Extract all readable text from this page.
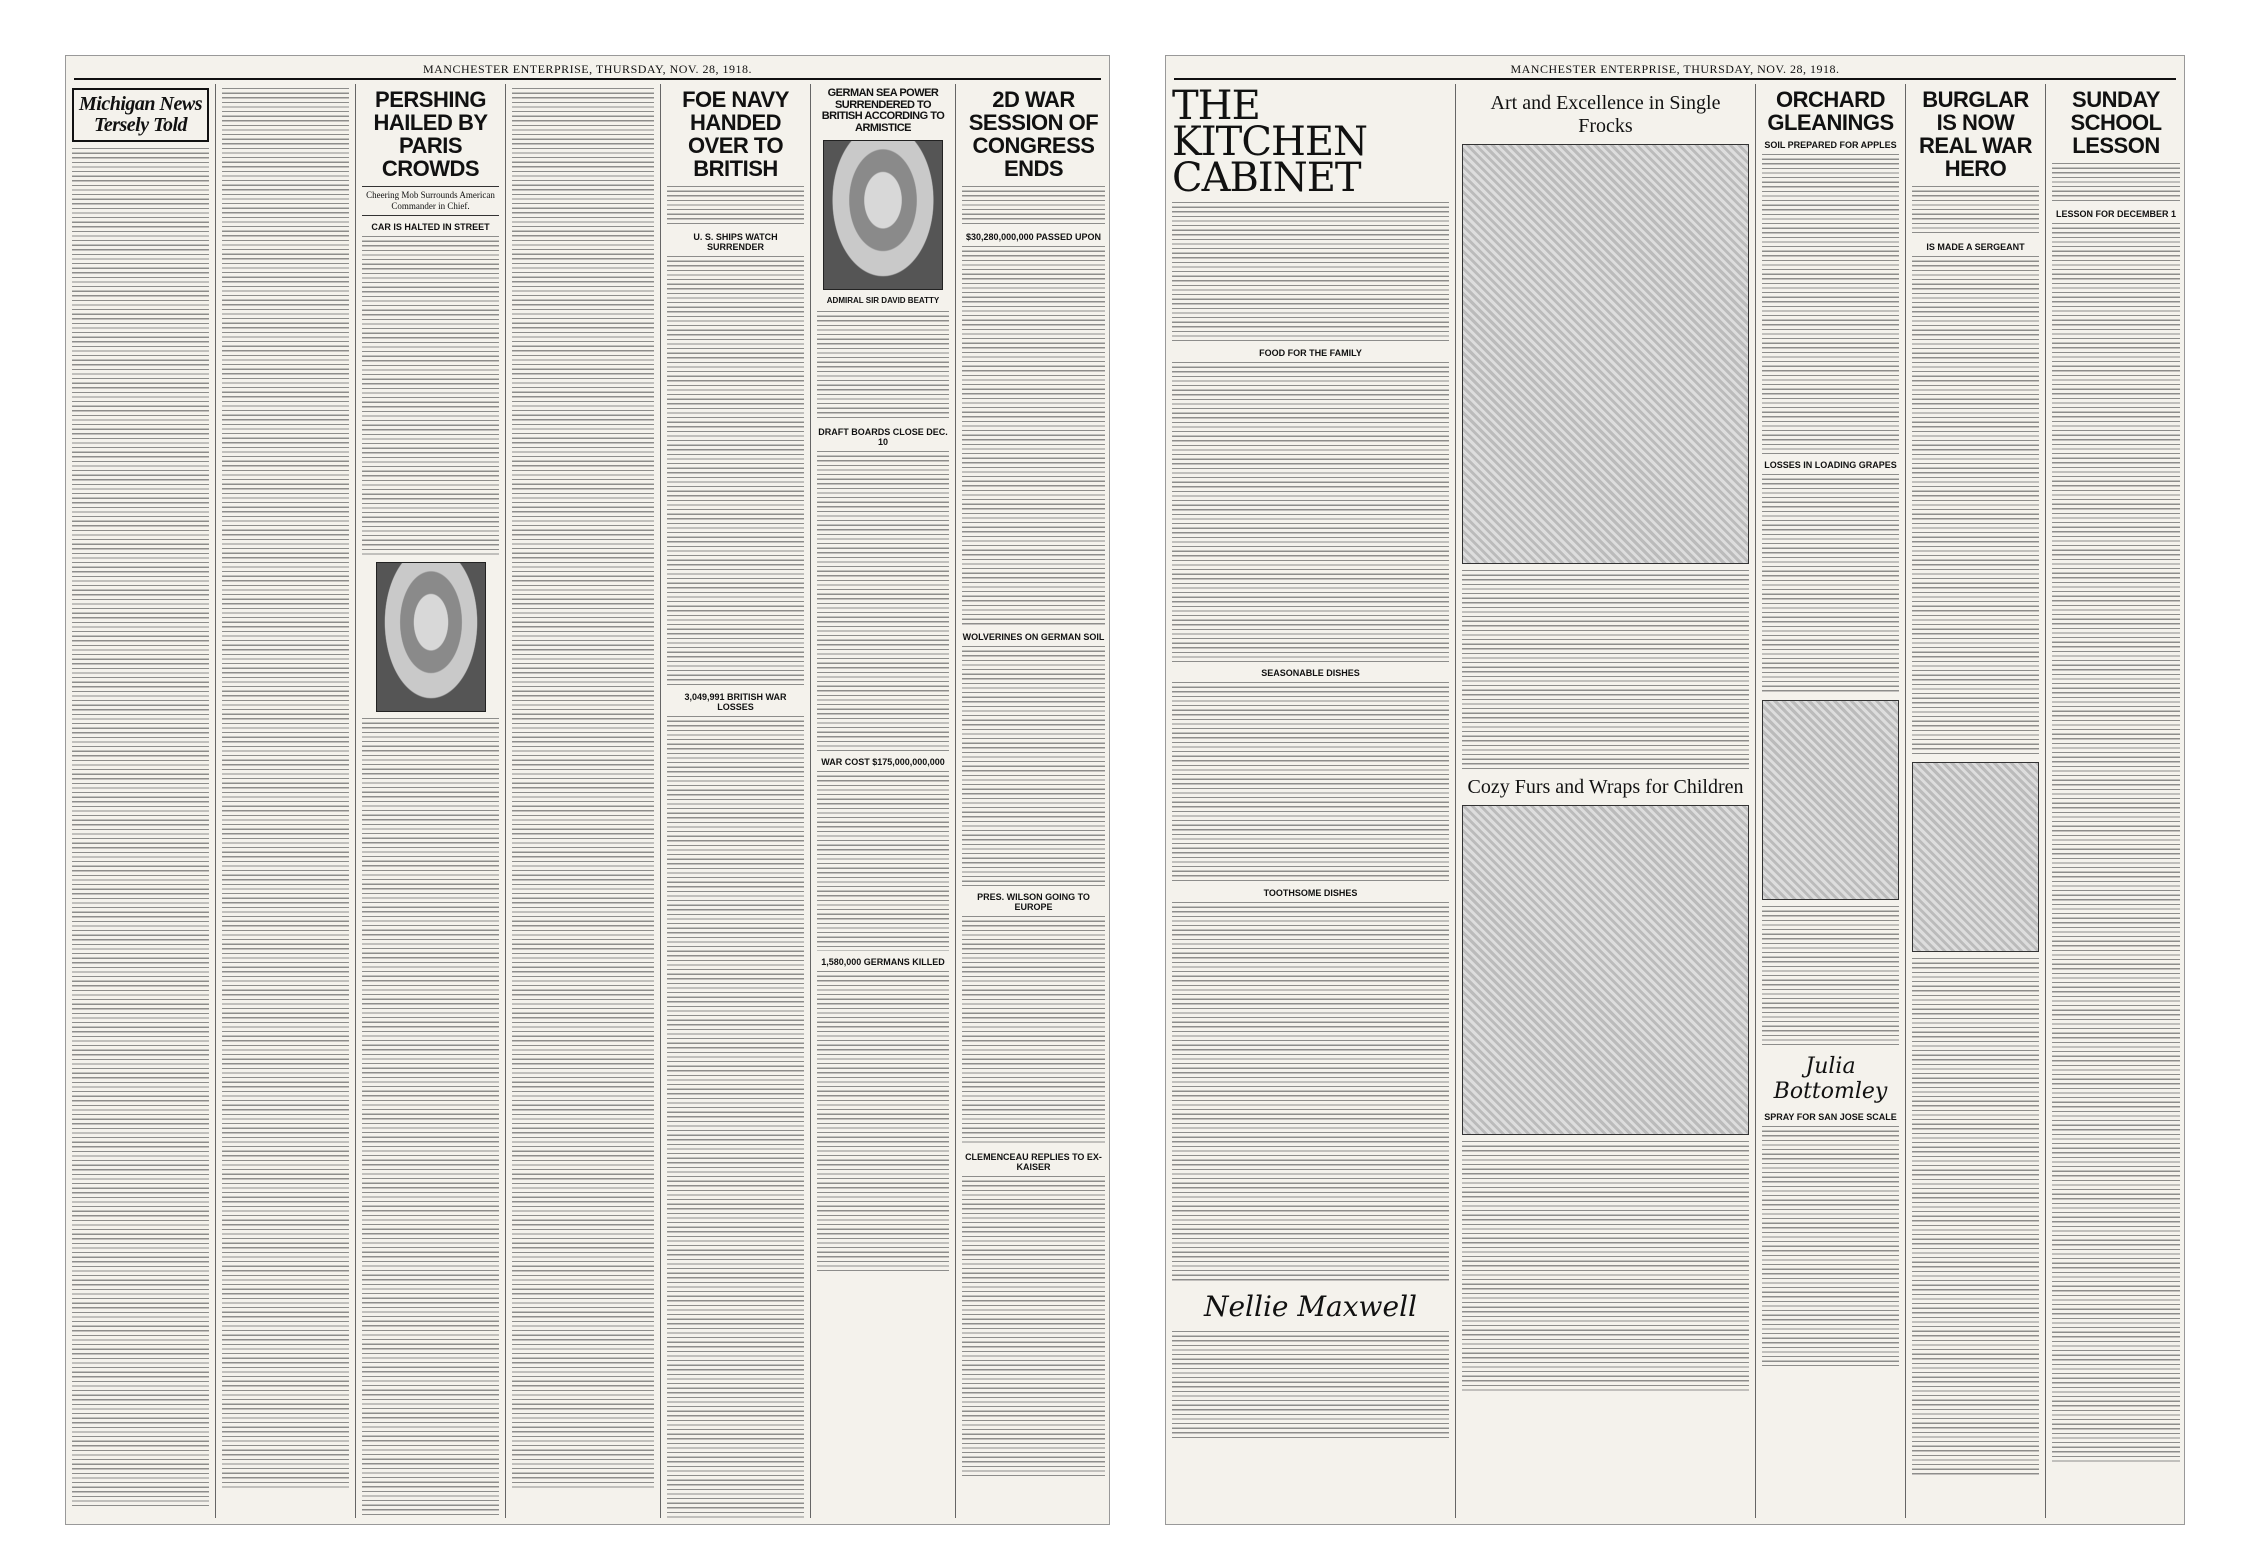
MANCHESTER ENTERPRISE, THURSDAY, NOV. 28, 1918.
Michigan News Tersely Told
PERSHING HAILED BY PARIS CROWDS
Cheering Mob Surrounds American Commander in Chief.
CAR IS HALTED IN STREET
FOE NAVY HANDED OVER TO BRITISH
U. S. SHIPS WATCH SURRENDER
3,049,991 BRITISH WAR LOSSES
GERMAN SEA POWER SURRENDERED TO BRITISH ACCORDING TO ARMISTICE
ADMIRAL SIR DAVID BEATTY
DRAFT BOARDS CLOSE DEC. 10
WAR COST $175,000,000,000
1,580,000 GERMANS KILLED
2D WAR SESSION OF CONGRESS ENDS
$30,280,000,000 PASSED UPON
WOLVERINES ON GERMAN SOIL
PRES. WILSON GOING TO EUROPE
CLEMENCEAU REPLIES TO EX-KAISER
MANCHESTER ENTERPRISE, THURSDAY, NOV. 28, 1918.
THE KITCHEN CABINET
FOOD FOR THE FAMILY
SEASONABLE DISHES
TOOTHSOME DISHES
Nellie Maxwell
Art and Excellence in Single Frocks
Cozy Furs and Wraps for Children
ORCHARD GLEANINGS
SOIL PREPARED FOR APPLES
LOSSES IN LOADING GRAPES
Julia Bottomley
SPRAY FOR SAN JOSE SCALE
BURGLAR IS NOW REAL WAR HERO
IS MADE A SERGEANT
SUNDAY SCHOOL LESSON
LESSON FOR DECEMBER 1
